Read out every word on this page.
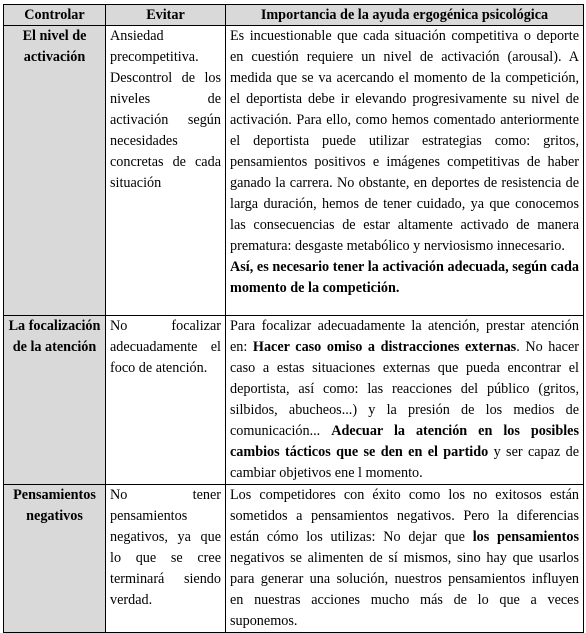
Controlar	Evitar	Importancia de la ayuda ergogénica psicológica
El nivel de activación	Ansiedad precompetitiva. Descontrol de los niveles de activación según necesidades concretas de cada situación	Es incuestionable que cada situación competitiva o deporte en cuestión requiere un nivel de activación (arousal). A medida que se va acercando el momento de la competición, el deportista debe ir elevando progresivamente su nivel de activación. Para ello, como hemos comentado anteriormente el deportista puede utilizar estrategias como: gritos, pensamientos positivos e imágenes competitivas de haber ganado la carrera. No obstante, en deportes de resistencia de larga duración, hemos de tener cuidado, ya que conocemos las consecuencias de estar altamente activado de manera prematura: desgaste metabólico y nerviosismo innecesario.

Así, es necesario tener la activación adecuada, según cada momento de la competición.

La focalización de la atención	No focalizar adecuadamente el foco de atención.	Para focalizar adecuadamente la atención, prestar atención en: Hacer caso omiso a distracciones externas. No hacer caso a estas situaciones externas que pueda encontrar el deportista, así como: las reacciones del público (gritos, silbidos, abucheos...) y la presión de los medios de comunicación... Adecuar la atención en los posibles cambios tácticos que se den en el partido y ser capaz de cambiar objetivos ene l momento.
Pensamientos negativos	No tener pensamientos negativos, ya que lo que se cree terminará siendo verdad.	Los competidores con éxito como los no exitosos están sometidos a pensamientos negativos. Pero la diferencias están cómo los utilizas: No dejar que los pensamientos negativos se alimenten de sí mismos, sino hay que usarlos para generar una solución, nuestros pensamientos influyen en nuestras acciones mucho más de lo que a veces suponemos.
